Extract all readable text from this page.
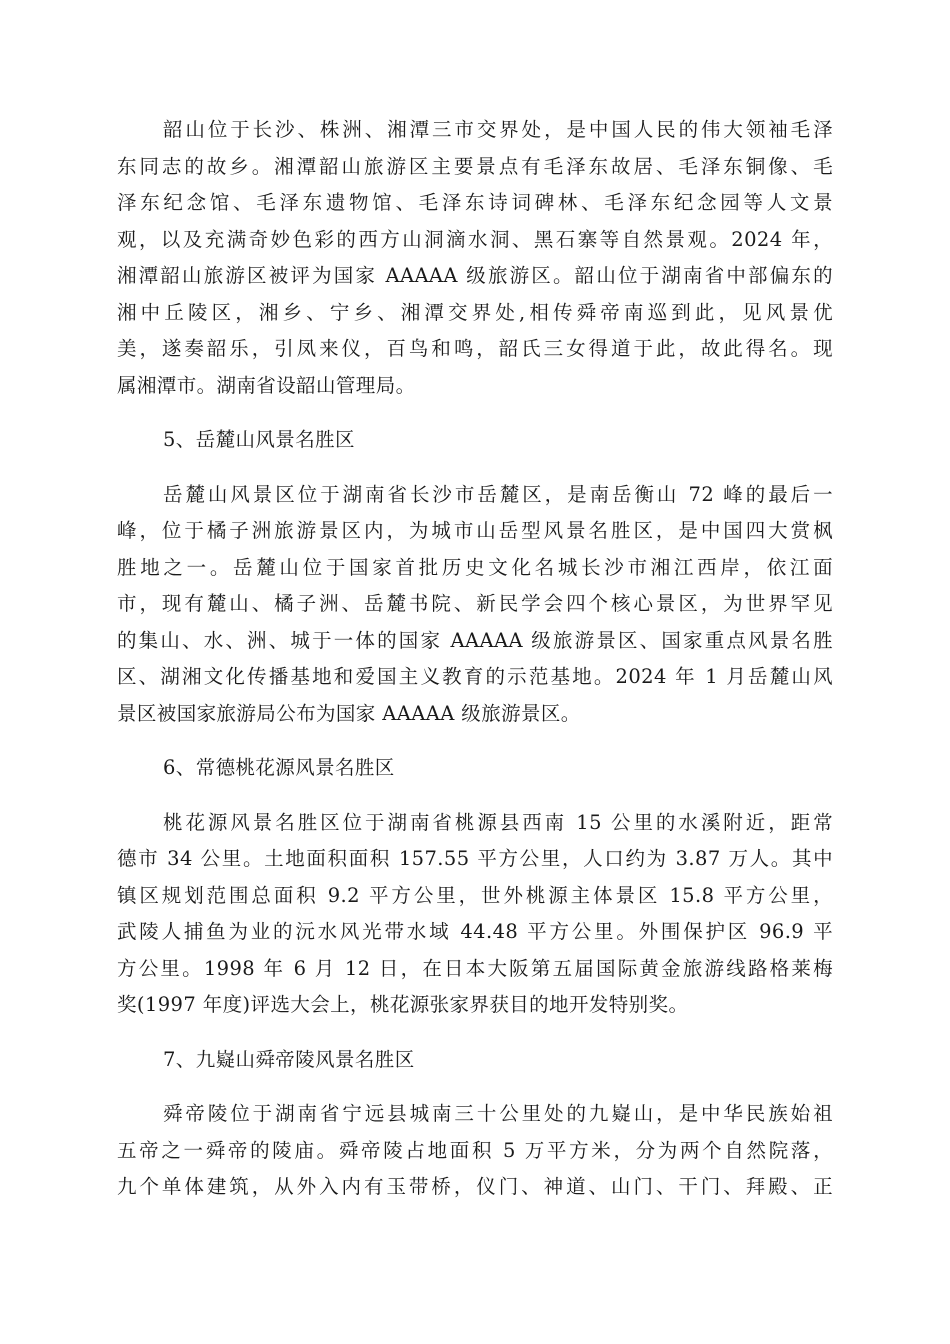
韶山位于长沙、株洲、湘潭三市交界处，是中国人民的伟大领袖毛泽
东同志的故乡。湘潭韶山旅游区主要景点有毛泽东故居、毛泽东铜像、毛
泽东纪念馆、毛泽东遗物馆、毛泽东诗词碑林、毛泽东纪念园等人文景
观，以及充满奇妙色彩的西方山洞滴水洞、黑石寨等自然景观。2024 年，
湘潭韶山旅游区被评为国家 AAAAA 级旅游区。韶山位于湖南省中部偏东的
湘中丘陵区，湘乡、宁乡、湘潭交界处,相传舜帝南巡到此，见风景优
美，遂奏韶乐，引凤来仪，百鸟和鸣，韶氏三女得道于此，故此得名。现
属湘潭市。湖南省设韶山管理局。
5、岳麓山风景名胜区
岳麓山风景区位于湖南省长沙市岳麓区，是南岳衡山 72 峰的最后一
峰，位于橘子洲旅游景区内，为城市山岳型风景名胜区，是中国四大赏枫
胜地之一。岳麓山位于国家首批历史文化名城长沙市湘江西岸，依江面
市，现有麓山、橘子洲、岳麓书院、新民学会四个核心景区，为世界罕见
的集山、水、洲、城于一体的国家 AAAAA 级旅游景区、国家重点风景名胜
区、湖湘文化传播基地和爱国主义教育的示范基地。2024 年 1 月岳麓山风
景区被国家旅游局公布为国家 AAAAA 级旅游景区。
6、常德桃花源风景名胜区
桃花源风景名胜区位于湖南省桃源县西南 15 公里的水溪附近，距常
德市 34 公里。土地面积面积 157.55 平方公里，人口约为 3.87 万人。其中
镇区规划范围总面积 9.2 平方公里，世外桃源主体景区 15.8 平方公里，
武陵人捕鱼为业的沅水风光带水域 44.48 平方公里。外围保护区 96.9 平
方公里。1998 年 6 月 12 日，在日本大阪第五届国际黄金旅游线路格莱梅
奖(1997 年度)评选大会上，桃花源张家界获目的地开发特别奖。
7、九嶷山舜帝陵风景名胜区
舜帝陵位于湖南省宁远县城南三十公里处的九嶷山，是中华民族始祖
五帝之一舜帝的陵庙。舜帝陵占地面积 5 万平方米，分为两个自然院落，
九个单体建筑，从外入内有玉带桥，仪门、神道、山门、干门、拜殿、正
